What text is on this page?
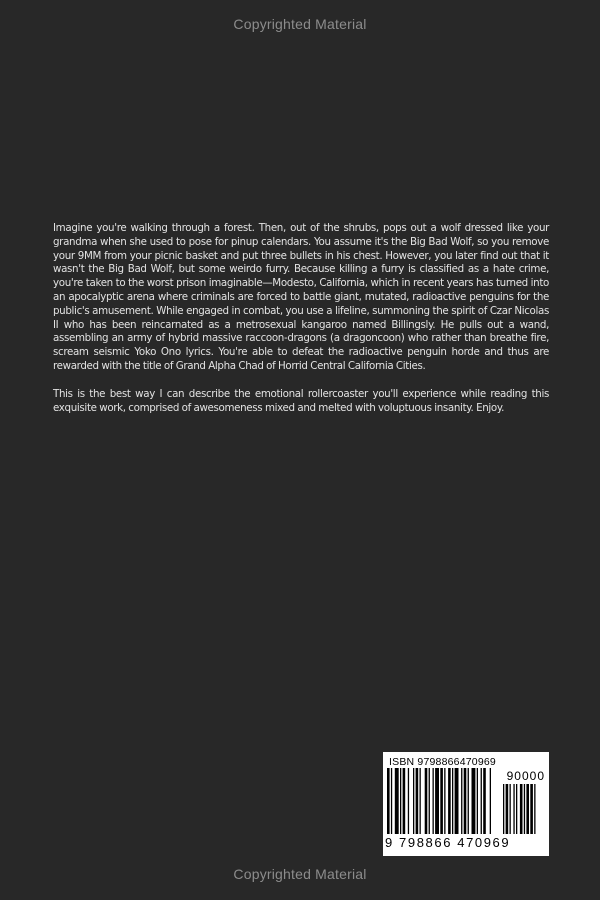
Copyrighted Material

Imagine you're walking through a forest. Then, out of the shrubs, pops out a wolf dressed like your grandma when she used to pose for pinup calendars. You assume it's the Big Bad Wolf, so you remove your 9MM from your picnic basket and put three bullets in his chest. However, you later find out that it wasn't the Big Bad Wolf, but some weirdo furry. Because killing a furry is classified as a hate crime, you're taken to the worst prison imaginable—Modesto, California, which in recent years has turned into an apocalyptic arena where criminals are forced to battle giant, mutated, radioactive penguins for the public's amusement. While engaged in combat, you use a lifeline, summoning the spirit of Czar Nicolas II who has been reincarnated as a metrosexual kangaroo named Billingsly. He pulls out a wand, assembling an army of hybrid massive raccoon-dragons (a dragoncoon) who rather than breathe fire, scream seismic Yoko Ono lyrics. You're able to defeat the radioactive penguin horde and thus are rewarded with the title of Grand Alpha Chad of Horrid Central California Cities.

This is the best way I can describe the emotional rollercoaster you'll experience while reading this exquisite work, comprised of awesomeness mixed and melted with voluptuous insanity. Enjoy.

ISBN 9798866470969
90000
9 798866 470969
Copyrighted Material
